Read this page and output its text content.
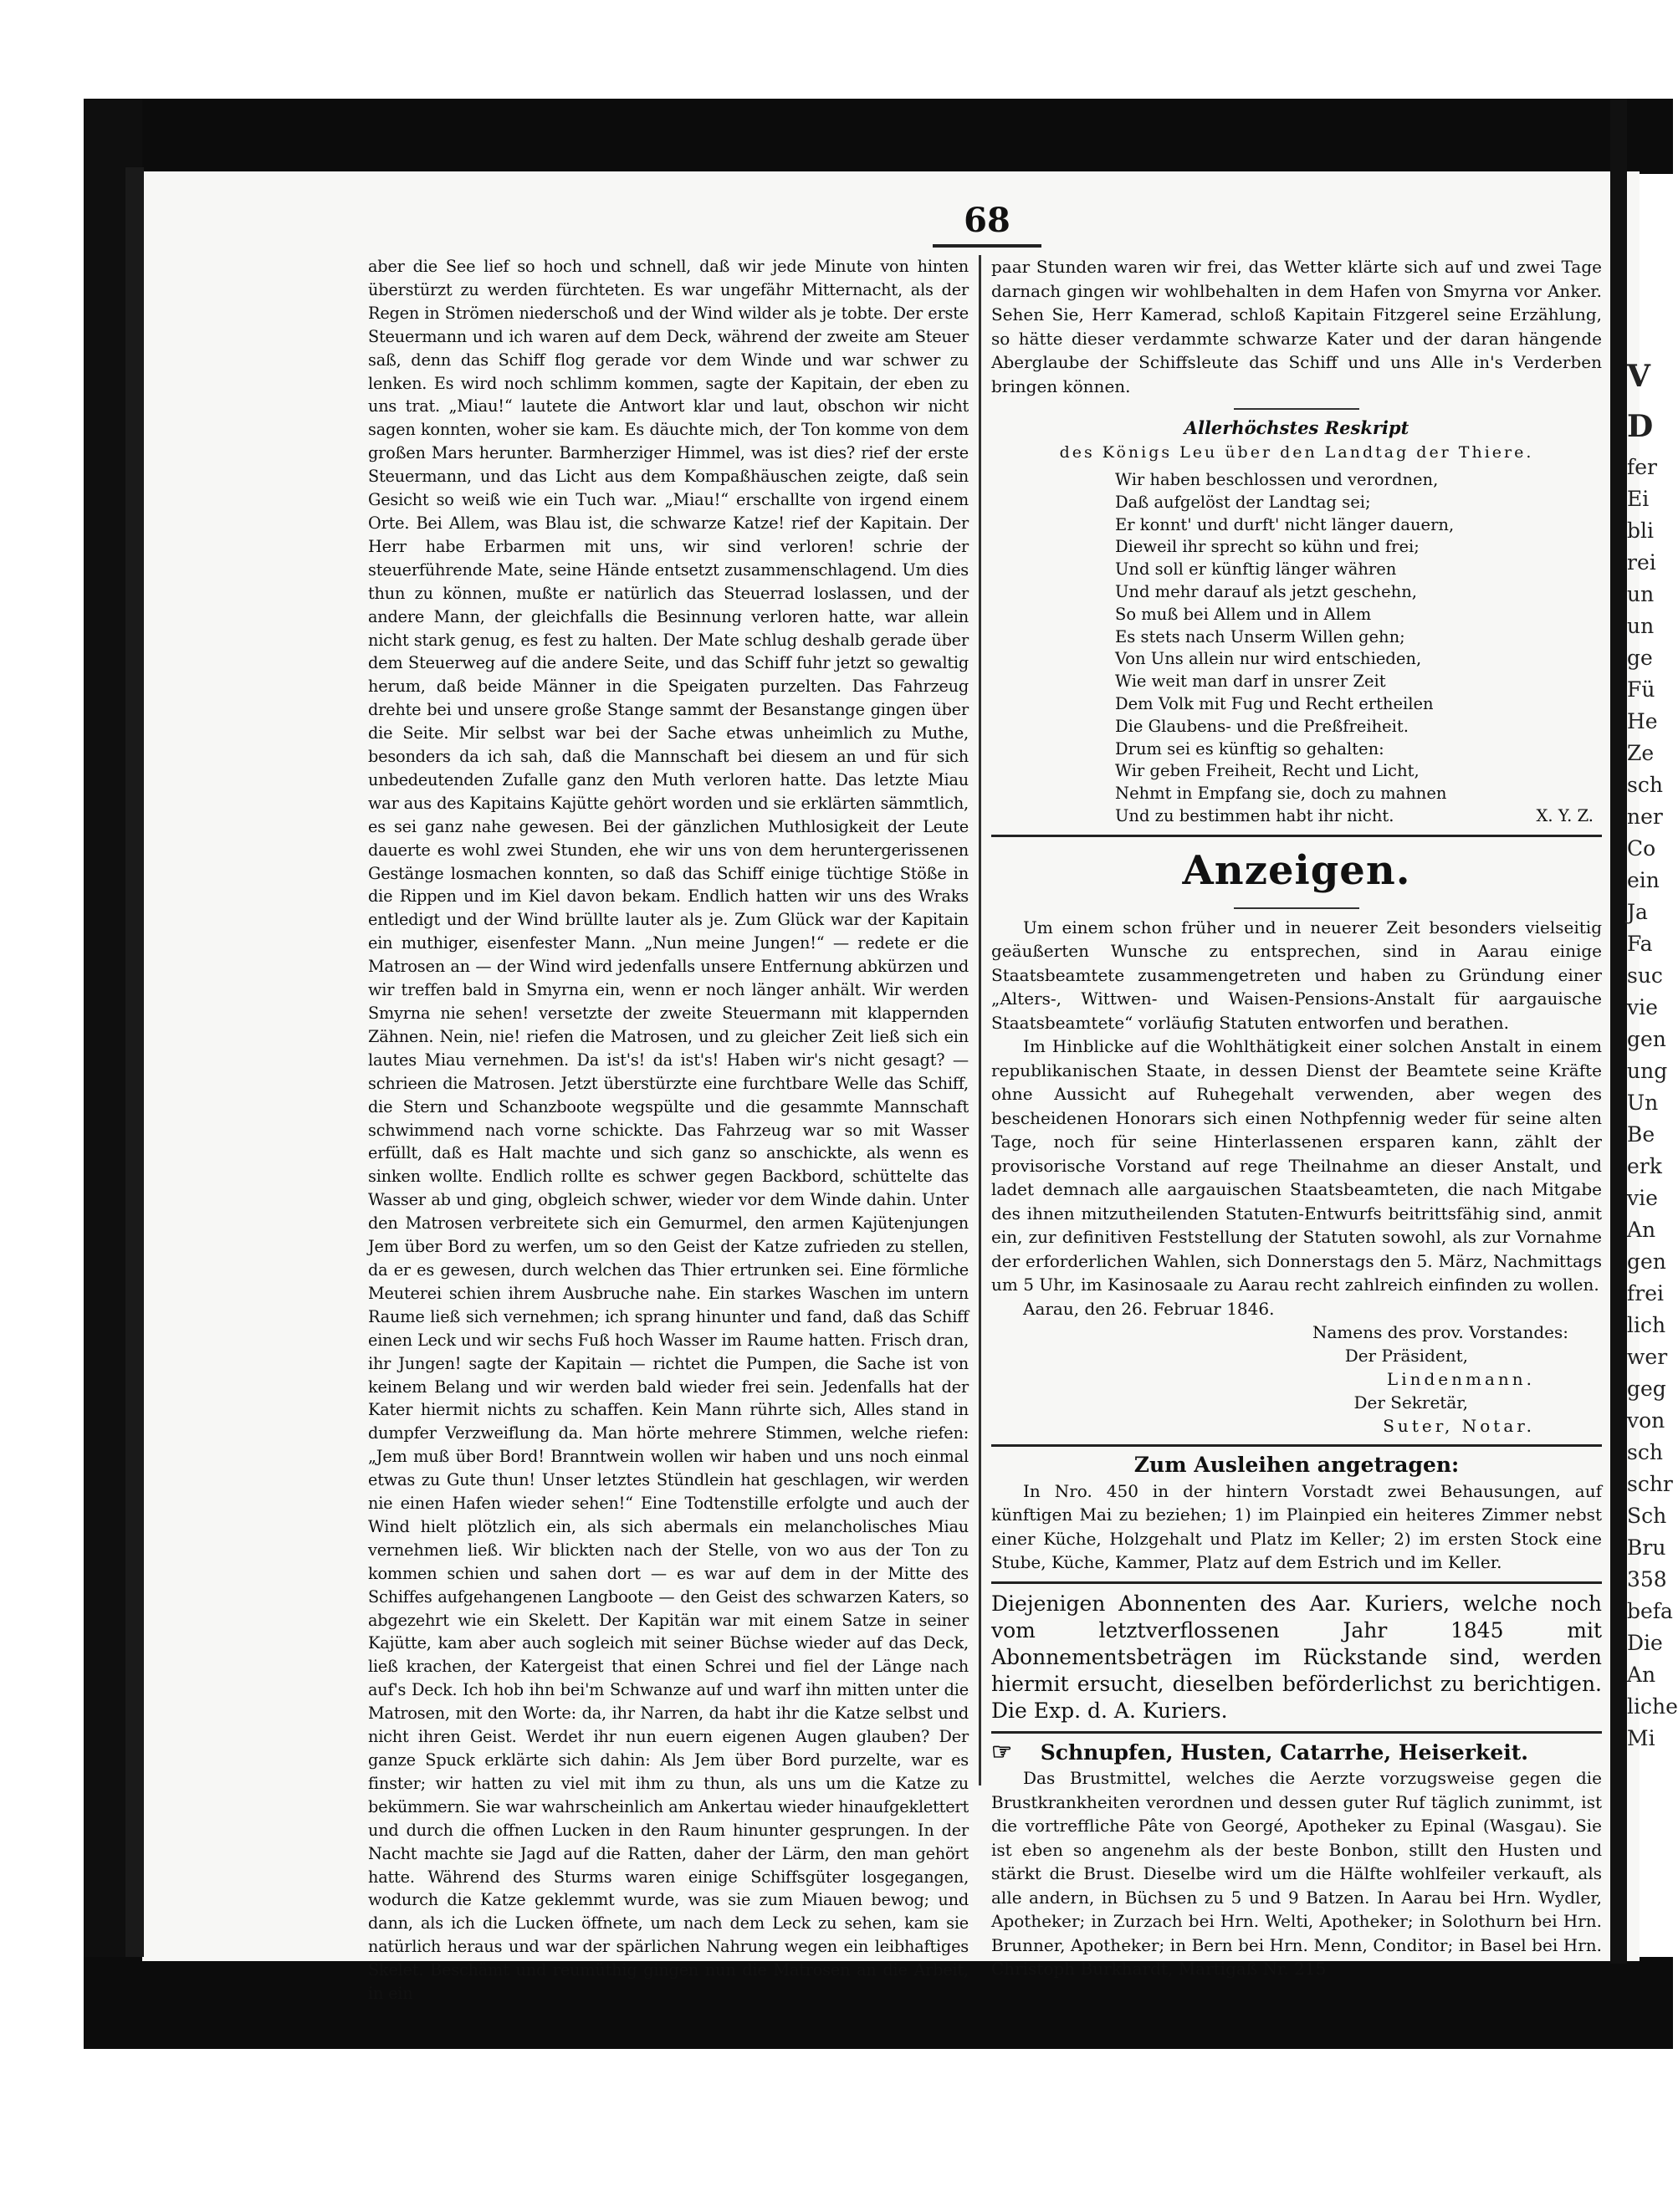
V
D
fer
Ei
bli
rei
un
un
ge
Fü
He
Ze
sch
ner
Co
ein
Ja
Fa
suc
vie
gen
ung
Un
Be
erk
vie
An
gen
frei
lich
wer
geg
von
sch
schr
Sch
Bru
358
befa
Die
An
liche
Mi
68

aber die See lief so hoch und schnell, daß wir jede Minute von hinten überstürzt zu werden fürchteten. Es war ungefähr Mitternacht, als der Regen in Strömen niederschoß und der Wind wilder als je tobte. Der erste Steuermann und ich waren auf dem Deck, während der zweite am Steuer saß, denn das Schiff flog gerade vor dem Winde und war schwer zu lenken. Es wird noch schlimm kommen, sagte der Kapitain, der eben zu uns trat. „Miau!“ lautete die Antwort klar und laut, obschon wir nicht sagen konnten, woher sie kam. Es däuchte mich, der Ton komme von dem großen Mars herunter. Barmherziger Himmel, was ist dies? rief der erste Steuermann, und das Licht aus dem Kompaßhäuschen zeigte, daß sein Gesicht so weiß wie ein Tuch war. „Miau!“ erschallte von irgend einem Orte. Bei Allem, was Blau ist, die schwarze Katze! rief der Kapitain. Der Herr habe Erbarmen mit uns, wir sind verloren! schrie der steuerführende Mate, seine Hände entsetzt zusammenschlagend. Um dies thun zu können, mußte er natürlich das Steuerrad loslassen, und der andere Mann, der gleichfalls die Besinnung verloren hatte, war allein nicht stark genug, es fest zu halten. Der Mate schlug deshalb gerade über dem Steuerweg auf die andere Seite, und das Schiff fuhr jetzt so gewaltig herum, daß beide Männer in die Speigaten purzelten. Das Fahrzeug drehte bei und unsere große Stange sammt der Besanstange gingen über die Seite. Mir selbst war bei der Sache etwas unheimlich zu Muthe, besonders da ich sah, daß die Mannschaft bei diesem an und für sich unbedeutenden Zufalle ganz den Muth verloren hatte. Das letzte Miau war aus des Kapitains Kajütte gehört worden und sie erklärten sämmtlich, es sei ganz nahe gewesen. Bei der gänzlichen Muthlosigkeit der Leute dauerte es wohl zwei Stunden, ehe wir uns von dem heruntergerissenen Gestänge losmachen konnten, so daß das Schiff einige tüchtige Stöße in die Rippen und im Kiel davon bekam. Endlich hatten wir uns des Wraks entledigt und der Wind brüllte lauter als je. Zum Glück war der Kapitain ein muthiger, eisenfester Mann. „Nun meine Jungen!“ — redete er die Matrosen an — der Wind wird jedenfalls unsere Entfernung abkürzen und wir treffen bald in Smyrna ein, wenn er noch länger anhält. Wir werden Smyrna nie sehen! versetzte der zweite Steuermann mit klappernden Zähnen. Nein, nie! riefen die Matrosen, und zu gleicher Zeit ließ sich ein lautes Miau vernehmen. Da ist's! da ist's! Haben wir's nicht gesagt? — schrieen die Matrosen. Jetzt überstürzte eine furchtbare Welle das Schiff, die Stern und Schanzboote wegspülte und die gesammte Mannschaft schwimmend nach vorne schickte. Das Fahrzeug war so mit Wasser erfüllt, daß es Halt machte und sich ganz so anschickte, als wenn es sinken wollte. Endlich rollte es schwer gegen Backbord, schüttelte das Wasser ab und ging, obgleich schwer, wieder vor dem Winde dahin. Unter den Matrosen verbreitete sich ein Gemurmel, den armen Kajütenjungen Jem über Bord zu werfen, um so den Geist der Katze zufrieden zu stellen, da er es gewesen, durch welchen das Thier ertrunken sei. Eine förmliche Meuterei schien ihrem Ausbruche nahe. Ein starkes Waschen im untern Raume ließ sich vernehmen; ich sprang hinunter und fand, daß das Schiff einen Leck und wir sechs Fuß hoch Wasser im Raume hatten. Frisch dran, ihr Jungen! sagte der Kapitain — richtet die Pumpen, die Sache ist von keinem Belang und wir werden bald wieder frei sein. Jedenfalls hat der Kater hiermit nichts zu schaffen. Kein Mann rührte sich, Alles stand in dumpfer Verzweiflung da. Man hörte mehrere Stimmen, welche riefen: „Jem muß über Bord! Branntwein wollen wir haben und uns noch einmal etwas zu Gute thun! Unser letztes Stündlein hat geschlagen, wir werden nie einen Hafen wieder sehen!“ Eine Todtenstille erfolgte und auch der Wind hielt plötzlich ein, als sich abermals ein melancholisches Miau vernehmen ließ. Wir blickten nach der Stelle, von wo aus der Ton zu kommen schien und sahen dort — es war auf dem in der Mitte des Schiffes aufgehangenen Langboote — den Geist des schwarzen Katers, so abgezehrt wie ein Skelett. Der Kapitän war mit einem Satze in seiner Kajütte, kam aber auch sogleich mit seiner Büchse wieder auf das Deck, ließ krachen, der Katergeist that einen Schrei und fiel der Länge nach auf's Deck. Ich hob ihn bei'm Schwanze auf und warf ihn mitten unter die Matrosen, mit den Worte: da, ihr Narren, da habt ihr die Katze selbst und nicht ihren Geist. Werdet ihr nun euern eigenen Augen glauben? Der ganze Spuck erklärte sich dahin: Als Jem über Bord purzelte, war es finster; wir hatten zu viel mit ihm zu thun, als uns um die Katze zu bekümmern. Sie war wahrscheinlich am Ankertau wieder hinaufgeklettert und durch die offnen Lucken in den Raum hinunter gesprungen. In der Nacht machte sie Jagd auf die Ratten, daher der Lärm, den man gehört hatte. Während des Sturms waren einige Schiffsgüter losgegangen, wodurch die Katze geklemmt wurde, was sie zum Miauen bewog; und dann, als ich die Lucken öffnete, um nach dem Leck zu sehen, kam sie natürlich heraus und war der spärlichen Nahrung wegen ein leibhaftiges Skelet. Beschämt und reumüthig gingen nun die Matrosen an die Arbeit, in ein

paar Stunden waren wir frei, das Wetter klärte sich auf und zwei Tage darnach gingen wir wohlbehalten in dem Hafen von Smyrna vor Anker. Sehen Sie, Herr Kamerad, schloß Kapitain Fitzgerel seine Erzählung, so hätte dieser verdammte schwarze Kater und der daran hängende Aberglaube der Schiffsleute das Schiff und uns Alle in's Verderben bringen können.

Allerhöchstes Reskript
des Königs Leu über den Landtag der Thiere.
Wir haben beschlossen und verordnen,
Daß aufgelöst der Landtag sei;
Er konnt' und durft' nicht länger dauern,
Dieweil ihr sprecht so kühn und frei;
Und soll er künftig länger währen
Und mehr darauf als jetzt geschehn,
So muß bei Allem und in Allem
Es stets nach Unserm Willen gehn;
Von Uns allein nur wird entschieden,
Wie weit man darf in unsrer Zeit
Dem Volk mit Fug und Recht ertheilen
Die Glaubens- und die Preßfreiheit.
Drum sei es künftig so gehalten:
Wir geben Freiheit, Recht und Licht,
Nehmt in Empfang sie, doch zu mahnen
Und zu bestimmen habt ihr nicht.	X. Y. Z.
Anzeigen.

Um einem schon früher und in neuerer Zeit besonders vielseitig geäußerten Wunsche zu entsprechen, sind in Aarau einige Staatsbeamtete zusammengetreten und haben zu Gründung einer „Alters-, Wittwen- und Waisen-Pensions-Anstalt für aargauische Staatsbeamtete“ vorläufig Statuten entworfen und berathen.

Im Hinblicke auf die Wohlthätigkeit einer solchen Anstalt in einem republikanischen Staate, in dessen Dienst der Beamtete seine Kräfte ohne Aussicht auf Ruhegehalt verwenden, aber wegen des bescheidenen Honorars sich einen Nothpfennig weder für seine alten Tage, noch für seine Hinterlassenen ersparen kann, zählt der provisorische Vorstand auf rege Theilnahme an dieser Anstalt, und ladet demnach alle aargauischen Staatsbeamteten, die nach Mitgabe des ihnen mitzutheilenden Statuten-Entwurfs beitrittsfähig sind, anmit ein, zur definitiven Feststellung der Statuten sowohl, als zur Vornahme der erforderlichen Wahlen, sich Donnerstags den 5. März, Nachmittags um 5 Uhr, im Kasinosaale zu Aarau recht zahlreich einfinden zu wollen.

Aarau, den 26. Februar 1846.

Namens des prov. Vorstandes:
Der Präsident,
Lindenmann.
Der Sekretär,
Suter, Notar.
Zum Ausleihen angetragen:

In Nro. 450 in der hintern Vorstadt zwei Behausungen, auf künftigen Mai zu beziehen; 1) im Plainpied ein heiteres Zimmer nebst einer Küche, Holzgehalt und Platz im Keller; 2) im ersten Stock eine Stube, Küche, Kammer, Platz auf dem Estrich und im Keller.

Diejenigen Abonnenten des Aar. Kuriers, welche noch vom letztverflossenen Jahr 1845 mit Abonnementsbeträgen im Rückstande sind, werden hiermit ersucht, dieselben beförderlichst zu berichtigen. Die Exp. d. A. Kuriers.

☞ Schnupfen, Husten, Catarrhe, Heiserkeit.

Das Brustmittel, welches die Aerzte vorzugsweise gegen die Brustkrankheiten verordnen und dessen guter Ruf täglich zunimmt, ist die vortreffliche Pâte von Georgé, Apotheker zu Epinal (Wasgau). Sie ist eben so angenehm als der beste Bonbon, stillt den Husten und stärkt die Brust. Dieselbe wird um die Hälfte wohlfeiler verkauft, als alle andern, in Büchsen zu 5 und 9 Batzen. In Aarau bei Hrn. Wydler, Apotheker; in Zurzach bei Hrn. Welti, Apotheker; in Solothurn bei Hrn. Brunner, Apotheker; in Bern bei Hrn. Menn, Conditor; in Basel bei Hrn. Christoph Burkhardt, Martigaß Nr. 215
